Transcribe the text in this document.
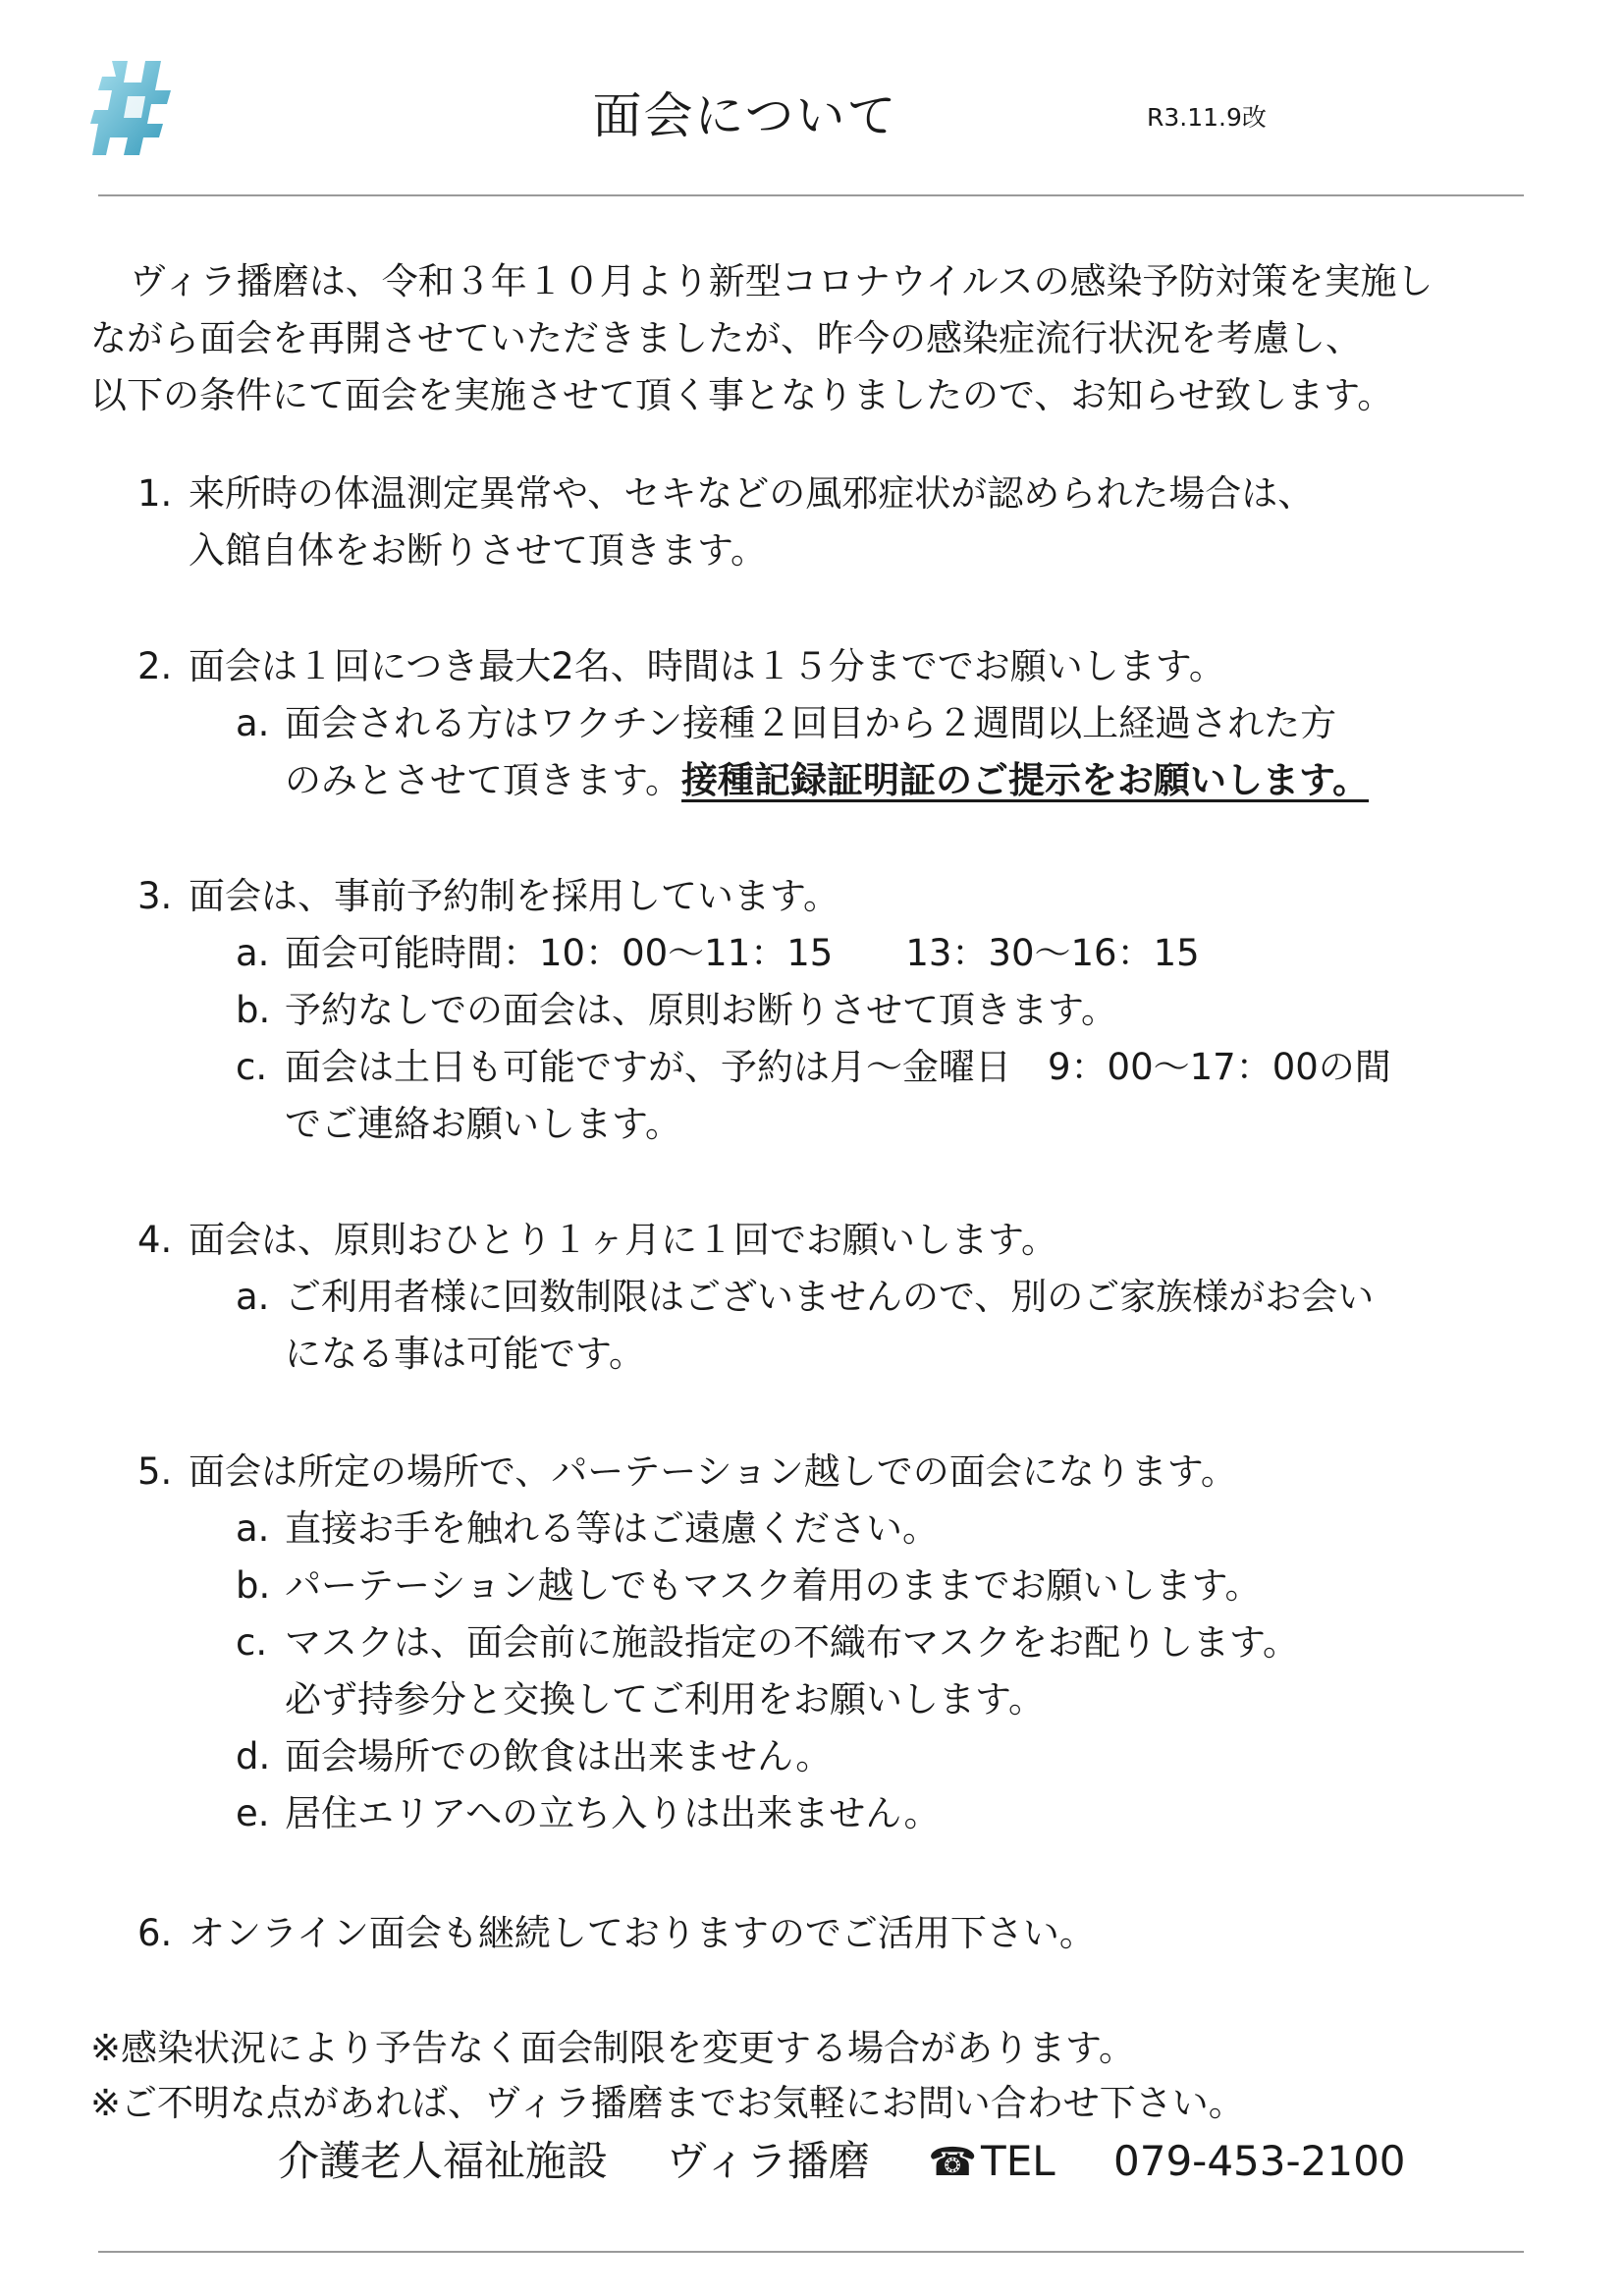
面会について	R3.11.9改

ヴィラ播磨は、令和３年１０月より新型コロナウイルスの感染予防対策を実施し
ながら面会を再開させていただきましたが、昨今の感染症流行状況を考慮し、
以下の条件にて面会を実施させて頂く事となりましたので、お知らせ致します。

1. 来所時の体温測定異常や、セキなどの風邪症状が認められた場合は、
入館自体をお断りさせて頂きます。
2. 面会は１回につき最大2名、時間は１５分まででお願いします。
a. 面会される方はワクチン接種２回目から２週間以上経過された方
のみとさせて頂きます。接種記録証明証のご提示をお願いします。
3. 面会は、事前予約制を採用しています。
a. 面会可能時間：10：00～11：15　　13：30～16：15
b. 予約なしでの面会は、原則お断りさせて頂きます。
c. 面会は土日も可能ですが、予約は月～金曜日　9：00～17：00の間
でご連絡お願いします。
4. 面会は、原則おひとり１ヶ月に１回でお願いします。
a. ご利用者様に回数制限はございませんので、別のご家族様がお会い
になる事は可能です。
5. 面会は所定の場所で、パーテーション越しでの面会になります。
a. 直接お手を触れる等はご遠慮ください。
b. パーテーション越しでもマスク着用のままでお願いします。
c. マスクは、面会前に施設指定の不織布マスクをお配りします。
必ず持参分と交換してご利用をお願いします。
d. 面会場所での飲食は出来ません。
e. 居住エリアへの立ち入りは出来ません。
6. オンライン面会も継続しておりますのでご活用下さい。
※感染状況により予告なく面会制限を変更する場合があります。
※ご不明な点があれば、ヴィラ播磨までお気軽にお問い合わせ下さい。
介護老人福祉施設 ヴィラ播磨 ☎TEL 079-453-2100
